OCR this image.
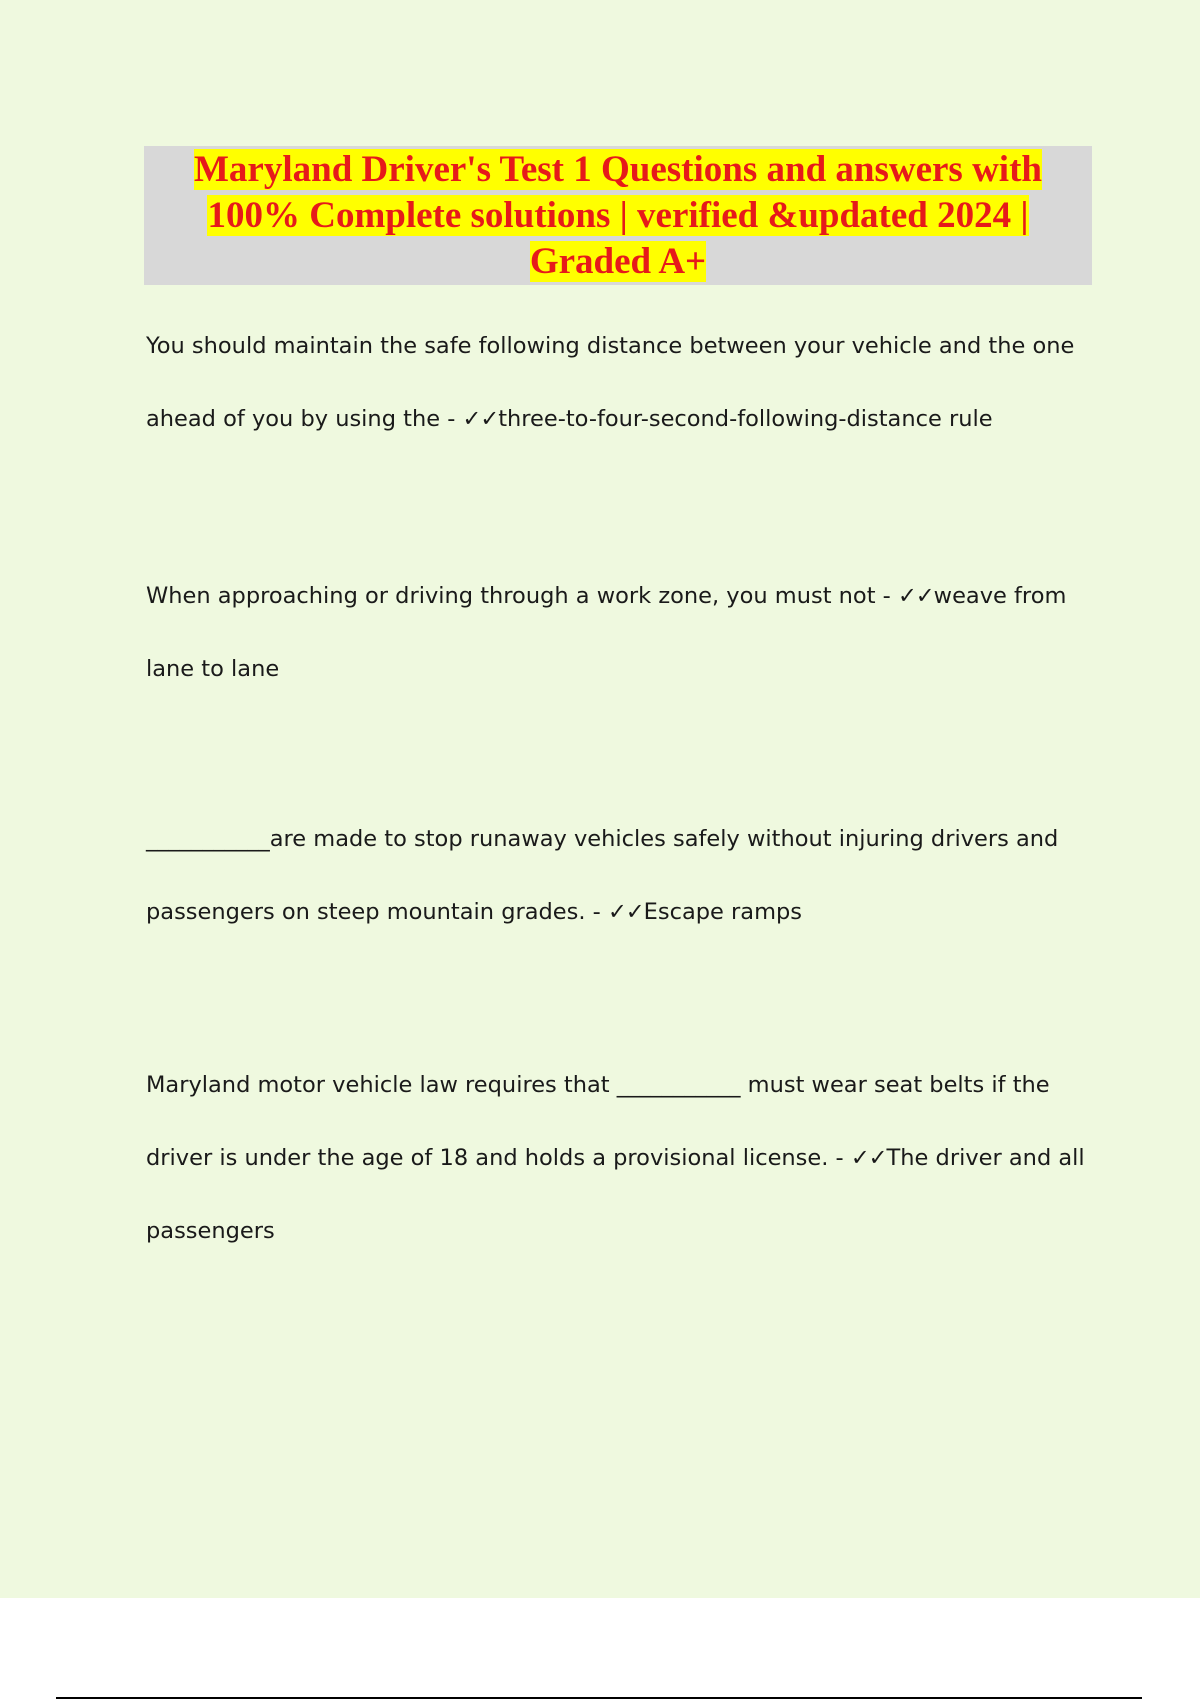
Maryland Driver's Test 1 Questions and answers with 100% Complete solutions | verified &updated 2024 | Graded A+

You should maintain the safe following distance between your vehicle and the one ahead of you by using the - ✓✓three-to-four-second-following-distance rule

When approaching or driving through a work zone, you must not - ✓✓weave from lane to lane

___________are made to stop runaway vehicles safely without injuring drivers and passengers on steep mountain grades. - ✓✓Escape ramps

Maryland motor vehicle law requires that ___________ must wear seat belts if the driver is under the age of 18 and holds a provisional license. - ✓✓The driver and all passengers
